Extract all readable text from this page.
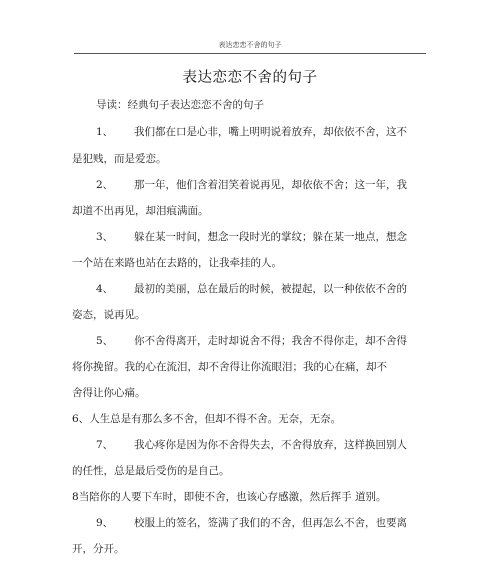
表达恋恋不舍的句子
表达恋恋不舍的句子
导读：经典句子表达恋恋不舍的句子
1、 我们都在口是心非，嘴上明明说着放弃，却依依不舍，这不
是犯贱，而是爱恋。
2、 那一年，他们含着泪笑着说再见，却依依不舍；这一年，我
却道不出再见，却泪痕满面。
3、 躲在某一时间，想念一段时光的掌纹；躲在某一地点，想念
一个站在来路也站在去路的，让我牵挂的人。
4、 最初的美丽，总在最后的时候，被提起，以一种依依不舍的
姿态，说再见。
5、 你不舍得离开，走时却说舍不得；我舍不得你走，却不舍得
将你挽留。我的心在流泪，却不舍得让你流眼泪；我的心在痛，却不
舍得让你心痛。
6、人生总是有那么多不舍，但却不得不舍。无奈，无奈。
7、 我心疼你是因为你不舍得失去，不舍得放弃，这样换回别人
的任性，总是最后受伤的是自己。
8当陪你的人要下车时，即使不舍，也该心存感激，然后挥手 道别。
9、 校服上的签名，签满了我们的不舍，但再怎么不舍，也要离
开，分开。
